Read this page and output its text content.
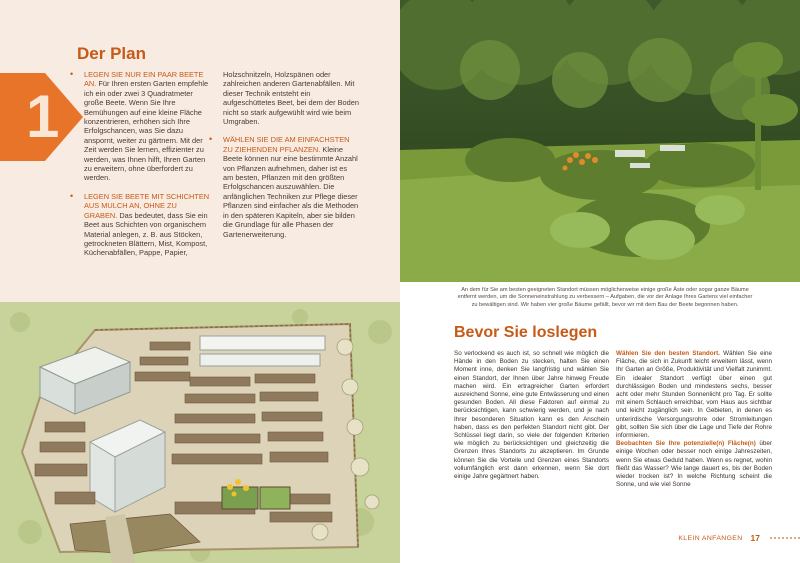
1
Der Plan
•	LEGEN SIE NUR EIN PAAR BEETE AN. Für Ihren ersten Garten empfehle ich ein oder zwei 3 Quadratmeter große Beete. Wenn Sie Ihre Bemühungen auf eine kleine Fläche konzentrieren, erhöhen sich Ihre Erfolgschancen, was Sie dazu anspornt, weiter zu gärtnern. Mit der Zeit werden Sie lernen, effizienter zu werden, was Ihnen hilft, Ihren Garten zu erweitern, ohne überfordert zu werden.
•	LEGEN SIE BEETE MIT SCHICHTEN AUS MULCH AN, OHNE ZU GRABEN. Das bedeutet, dass Sie ein Beet aus Schichten von organischem Material anlegen, z. B. aus Stöcken, getrockneten Blättern, Mist, Kompost, Küchenabfällen, Pappe, Papier,
Holzschnitzeln, Holzspänen oder zahlreichen anderen Gartenabfällen. Mit dieser Technik entsteht ein aufgeschüttetes Beet, bei dem der Boden nicht so stark aufgewühlt wird wie beim Umgraben.
•	WÄHLEN SIE DIE AM EINFACHSTEN ZU ZIEHENDEN PFLANZEN. Kleine Beete können nur eine bestimmte Anzahl von Pflanzen aufnehmen, daher ist es am besten, Pflanzen mit den größten Erfolgschancen auszuwählen. Die anfänglichen Techniken zur Pflege dieser Pflanzen sind einfacher als die Methoden in den späteren Kapiteln, aber sie bilden die Grundlage für alle Phasen der Gartenerweiterung.
An dem für Sie am besten geeigneten Standort müssen möglicherweise einige große Äste oder sogar ganze Bäume entfernt werden, um die Sonneneinstrahlung zu verbessern – Aufgaben, die vor der Anlage Ihres Gartens viel einfacher zu bewältigen sind. Wir haben vier große Bäume gefällt, bevor wir mit dem Bau der Beete begonnen haben.
Bevor Sie loslegen

So verlockend es auch ist, so schnell wie möglich die Hände in den Boden zu stecken, halten Sie einen Moment inne, denken Sie langfristig und wählen Sie einen Standort, der Ihnen über Jahre hinweg Freude machen wird. Ein ertragreicher Garten erfordert ausreichend Sonne, eine gute Entwässerung und einen gesunden Boden. All diese Faktoren auf einmal zu berücksichtigen, kann schwierig werden, und je nach Ihrer besonderen Situation kann es den Anschein haben, dass es den perfekten Standort nicht gibt. Der Schlüssel liegt darin, so viele der folgenden Kriterien wie möglich zu berücksichtigen und gleichzeitig die Grenzen Ihres Standorts zu akzeptieren. Im Grunde können Sie die Vorteile und Grenzen eines Standorts vollumfänglich erst dann erkennen, wenn Sie dort einige Jahre gegärtnert haben.

Wählen Sie den besten Standort. Wählen Sie eine Fläche, die sich in Zukunft leicht erweitern lässt, wenn Ihr Garten an Größe, Produktivität und Vielfalt zunimmt. Ein idealer Standort verfügt über einen gut durchlässigen Boden und mindestens sechs, besser acht oder mehr Stunden Sonnenlicht pro Tag. Er sollte mit einem Schlauch erreichbar, vom Haus aus sichtbar und leicht zugänglich sein. In Gebieten, in denen es unterirdische Versorgungsrohre oder Stromleitungen gibt, sollten Sie sich über die Lage und Tiefe der Rohre informieren.

Beobachten Sie Ihre potenzielle(n) Fläche(n) über einige Wochen oder besser noch einige Jahreszeiten, wenn Sie etwas Geduld haben. Wenn es regnet, wohin fließt das Wasser? Wie lange dauert es, bis der Boden wieder trocken ist? In welche Richtung scheint die Sonne, und wie viel Sonne

KLEIN ANFANGEN 17
